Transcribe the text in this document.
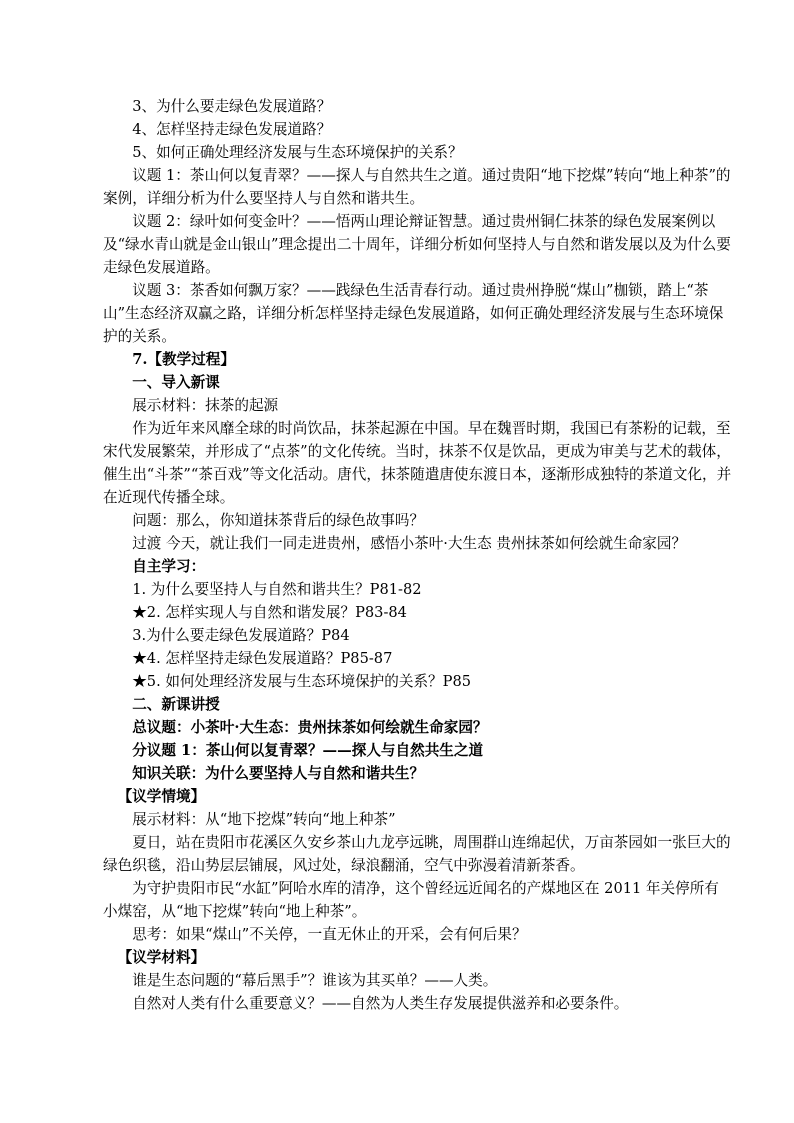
3、为什么要走绿色发展道路？

4、怎样坚持走绿色发展道路？

5、如何正确处理经济发展与生态环境保护的关系？

议题 1：茶山何以复青翠？——探人与自然共生之道。通过贵阳“地下挖煤”转向“地上种茶”的案例，详细分析为什么要坚持人与自然和谐共生。

议题 2：绿叶如何变金叶？——悟两山理论辩证智慧。通过贵州铜仁抹茶的绿色发展案例以及“绿水青山就是金山银山”理念提出二十周年，详细分析如何坚持人与自然和谐发展以及为什么要走绿色发展道路。

议题 3：茶香如何飘万家？——践绿色生活青春行动。通过贵州挣脱“煤山”枷锁，踏上“茶山”生态经济双赢之路，详细分析怎样坚持走绿色发展道路，如何正确处理经济发展与生态环境保护的关系。

7.【教学过程】

一、导入新课

展示材料：抹茶的起源

作为近年来风靡全球的时尚饮品，抹茶起源在中国。早在魏晋时期，我国已有茶粉的记载，至宋代发展繁荣，并形成了“点茶”的文化传统。当时，抹茶不仅是饮品，更成为审美与艺术的载体，催生出“斗茶”“茶百戏”等文化活动。唐代，抹茶随遣唐使东渡日本，逐渐形成独特的茶道文化，并在近现代传播全球。

问题：那么，你知道抹茶背后的绿色故事吗？

过渡 今天，就让我们一同走进贵州，感悟小茶叶·大生态 贵州抹茶如何绘就生命家园？

自主学习：

1. 为什么要坚持人与自然和谐共生？P81-82

★2. 怎样实现人与自然和谐发展？P83-84

3.为什么要走绿色发展道路？P84

★4. 怎样坚持走绿色发展道路？P85-87

★5. 如何处理经济发展与生态环境保护的关系？P85

二、新课讲授

总议题：小茶叶·大生态：贵州抹茶如何绘就生命家园？

分议题 1：茶山何以复青翠？——探人与自然共生之道

知识关联：为什么要坚持人与自然和谐共生？

【议学情境】

展示材料：从“地下挖煤”转向“地上种茶”

夏日，站在贵阳市花溪区久安乡茶山九龙亭远眺，周围群山连绵起伏，万亩茶园如一张巨大的绿色织毯，沿山势层层铺展，风过处，绿浪翻涌，空气中弥漫着清新茶香。

为守护贵阳市民“水缸”阿哈水库的清净，这个曾经远近闻名的产煤地区在 2011 年关停所有小煤窑，从“地下挖煤”转向“地上种茶”。

思考：如果“煤山”不关停，一直无休止的开采，会有何后果？

【议学材料】

谁是生态问题的“幕后黑手”？谁该为其买单？——人类。

自然对人类有什么重要意义？——自然为人类生存发展提供滋养和必要条件。
